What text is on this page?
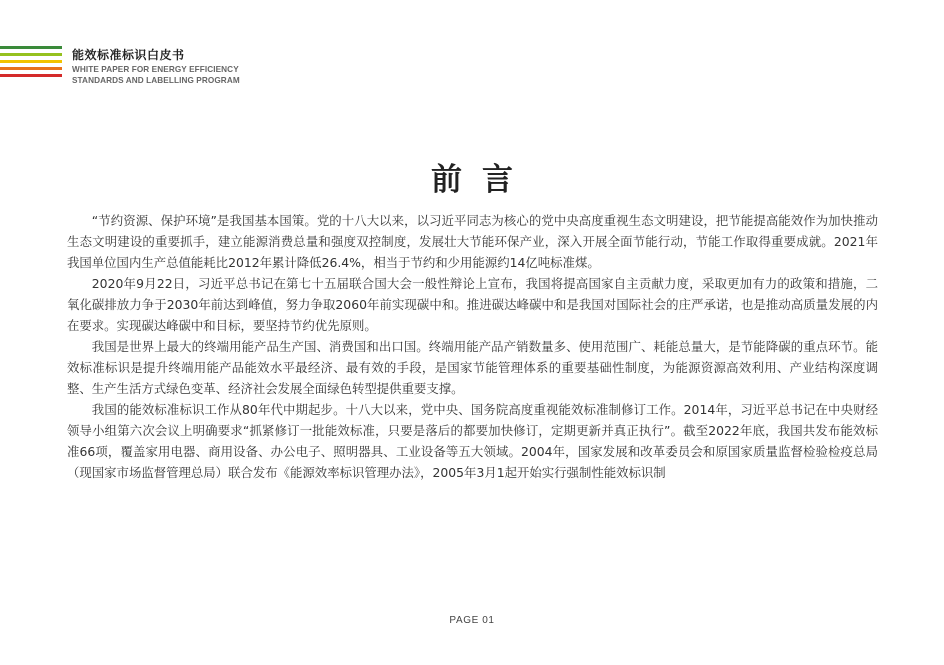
能效标准标识白皮书
WHITE PAPER FOR ENERGY EFFICIENCY
STANDARDS AND LABELLING PROGRAM
前言

“节约资源、保护环境”是我国基本国策。党的十八大以来，以习近平同志为核心的党中央高度重视生态文明建设，把节能提高能效作为加快推动生态文明建设的重要抓手，建立能源消费总量和强度双控制度，发展壮大节能环保产业，深入开展全面节能行动，节能工作取得重要成就。2021年我国单位国内生产总值能耗比2012年累计降低26.4%，相当于节约和少用能源约14亿吨标准煤。

2020年9月22日，习近平总书记在第七十五届联合国大会一般性辩论上宣布，我国将提高国家自主贡献力度，采取更加有力的政策和措施，二氧化碳排放力争于2030年前达到峰值，努力争取2060年前实现碳中和。推进碳达峰碳中和是我国对国际社会的庄严承诺，也是推动高质量发展的内在要求。实现碳达峰碳中和目标，要坚持节约优先原则。

我国是世界上最大的终端用能产品生产国、消费国和出口国。终端用能产品产销数量多、使用范围广、耗能总量大，是节能降碳的重点环节。能效标准标识是提升终端用能产品能效水平最经济、最有效的手段，是国家节能管理体系的重要基础性制度，为能源资源高效利用、产业结构深度调整、生产生活方式绿色变革、经济社会发展全面绿色转型提供重要支撑。

我国的能效标准标识工作从80年代中期起步。十八大以来，党中央、国务院高度重视能效标准制修订工作。2014年，习近平总书记在中央财经领导小组第六次会议上明确要求“抓紧修订一批能效标准，只要是落后的都要加快修订，定期更新并真正执行”。截至2022年底，我国共发布能效标准66项，覆盖家用电器、商用设备、办公电子、照明器具、工业设备等五大领域。2004年，国家发展和改革委员会和原国家质量监督检验检疫总局（现国家市场监督管理总局）联合发布《能源效率标识管理办法》，2005年3月1起开始实行强制性能效标识制

PAGE 01
